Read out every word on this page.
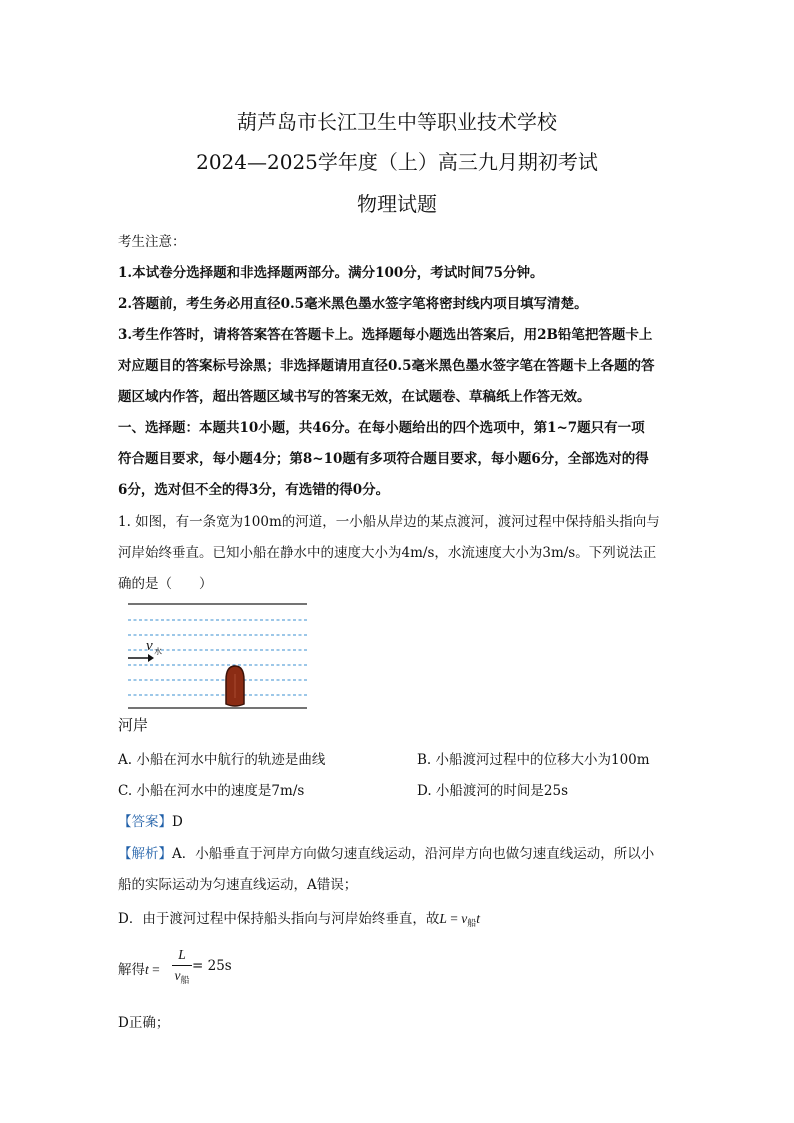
葫芦岛市长江卫生中等职业技术学校
2024—2025学年度（上）高三九月期初考试
物理试题
考生注意：
1.本试卷分选择题和非选择题两部分。满分100分，考试时间75分钟。
2.答题前，考生务必用直径0.5毫米黑色墨水签字笔将密封线内项目填写清楚。
3.考生作答时，请将答案答在答题卡上。选择题每小题选出答案后，用2B铅笔把答题卡上
对应题目的答案标号涂黑；非选择题请用直径0.5毫米黑色墨水签字笔在答题卡上各题的答
题区域内作答，超出答题区域书写的答案无效，在试题卷、草稿纸上作答无效。
一、选择题：本题共10小题，共46分。在每小题给出的四个选项中，第1~7题只有一项
符合题目要求，每小题4分；第8~10题有多项符合题目要求，每小题6分，全部选对的得
6分，选对但不全的得3分，有选错的得0分。
1. 如图，有一条宽为100m的河道，一小船从岸边的某点渡河，渡河过程中保持船头指向与
河岸始终垂直。已知小船在静水中的速度大小为4m/s，水流速度大小为3m/s。下列说法正
确的是（　　）
v 水
河岸
A. 小船在河水中航行的轨迹是曲线	B. 小船渡河过程中的位移大小为100m
C. 小船在河水中的速度是7m/s	D. 小船渡河的时间是25s
【答案】D
【解析】A．小船垂直于河岸方向做匀速直线运动，沿河岸方向也做匀速直线运动，所以小
船的实际运动为匀速直线运动，A错误；
D．由于渡河过程中保持船头指向与河岸始终垂直，故$L = v_船t$
解得t =
L
$v_船$
= 25s
D正确；
